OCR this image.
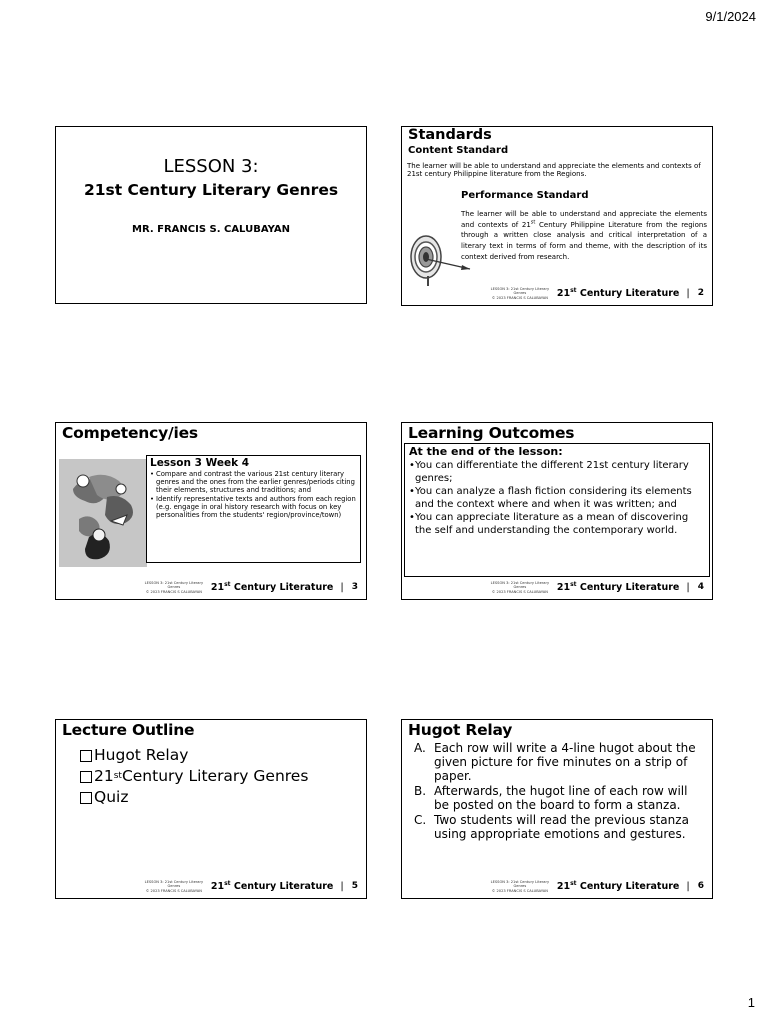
9/1/2024
LESSON 3:
21st Century Literary Genres
MR. FRANCIS S. CALUBAYAN
Standards
Content Standard
The learner will be able to understand and appreciate the elements and contexts of 21st century Philippine literature from the Regions.
Performance Standard
The learner will be able to understand and appreciate the elements and contexts of 21st Century Philippine Literature from the regions through a written close analysis and critical interpretation of a literary text in terms of form and theme, with the description of its context derived from research.
LESSON 3: 21st Century Literary Genres
© 2023 FRANCIS S CALUBAYAN 21st Century Literature | 2
Competency/ies
Lesson 3 Week 4
• Compare and contrast the various 21st century literary genres and the ones from the earlier genres/periods citing their elements, structures and traditions; and
• Identify representative texts and authors from each region (e.g. engage in oral history research with focus on key personalities from the students' region/province/town)
LESSON 3: 21st Century Literary Genres
© 2023 FRANCIS S CALUBAYAN 21st Century Literature | 3
Learning Outcomes
At the end of the lesson:
• You can differentiate the different 21st century literary genres;
• You can analyze a flash fiction considering its elements and the context where and when it was written; and
• You can appreciate literature as a mean of discovering the self and understanding the contemporary world.
LESSON 3: 21st Century Literary Genres
© 2023 FRANCIS S CALUBAYAN 21st Century Literature | 4
Lecture Outline
Hugot Relay
21 st Century Literary Genres
Quiz
LESSON 3: 21st Century Literary Genres
© 2023 FRANCIS S CALUBAYAN 21st Century Literature | 5
Hugot Relay
A. Each row will write a 4-line hugot about the given picture for five minutes on a strip of paper.
B. Afterwards, the hugot line of each row will be posted on the board to form a stanza.
C. Two students will read the previous stanza using appropriate emotions and gestures.
LESSON 3: 21st Century Literary Genres
© 2023 FRANCIS S CALUBAYAN 21st Century Literature | 6
1
